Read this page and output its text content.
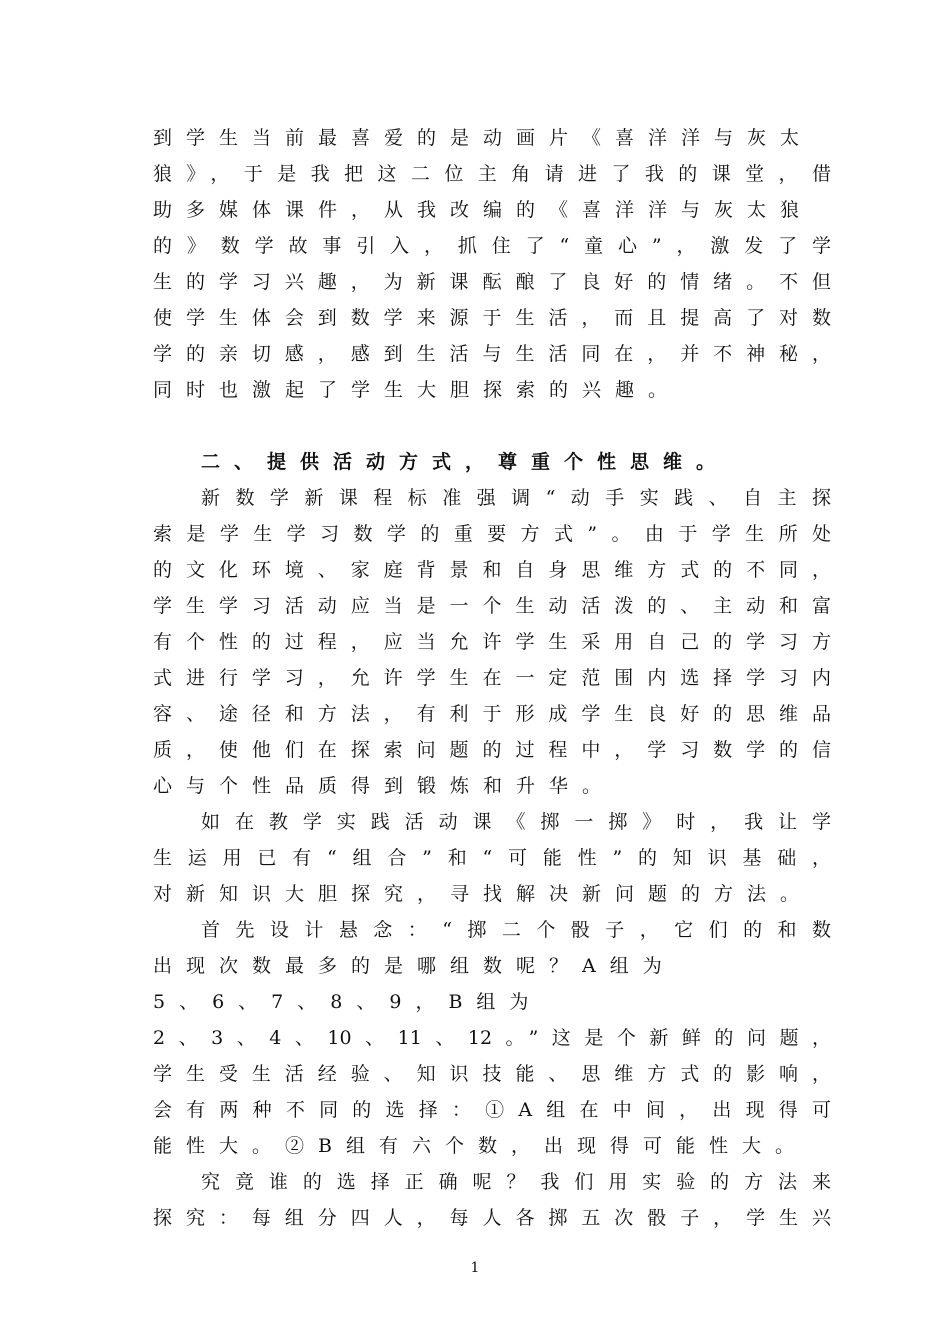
到学生当前最喜爱的是动画片《喜洋洋与灰太
狼》，于是我把这二位主角请进了我的课堂，借
助多媒体课件，从我改编的《喜洋洋与灰太狼
的》数学故事引入，抓住了“童心”，激发了学
生的学习兴趣，为新课酝酿了良好的情绪。不但
使学生体会到数学来源于生活，而且提高了对数
学的亲切感，感到生活与生活同在，并不神秘，
同时也激起了学生大胆探索的兴趣。
二、提供活动方式，尊重个性思维。
新数学新课程标准强调“动手实践、自主探
索是学生学习数学的重要方式”。由于学生所处
的文化环境、家庭背景和自身思维方式的不同，
学生学习活动应当是一个生动活泼的、主动和富
有个性的过程，应当允许学生采用自己的学习方
式进行学习，允许学生在一定范围内选择学习内
容、途径和方法，有利于形成学生良好的思维品
质，使他们在探索问题的过程中，学习数学的信
心与个性品质得到锻炼和升华。
如在教学实践活动课《掷一掷》时，我让学
生运用已有“组合”和“可能性”的知识基础，
对新知识大胆探究，寻找解决新问题的方法。
首先设计悬念：“掷二个骰子，它们的和数
出现次数最多的是哪组数呢？A组为
5、6、7、8、9，B组为
2、3、4、10、11、12。”这是个新鲜的问题，
学生受生活经验、知识技能、思维方式的影响，
会有两种不同的选择：①A组在中间，出现得可
能性大。②B组有六个数，出现得可能性大。
究竟谁的选择正确呢？我们用实验的方法来
探究：每组分四人，每人各掷五次骰子，学生兴
1
